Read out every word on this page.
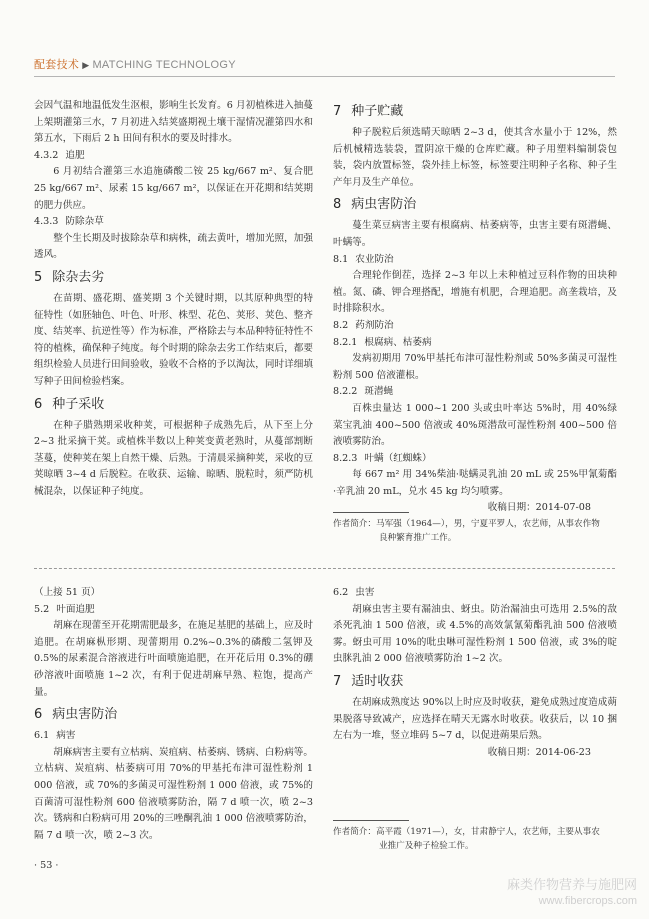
配套技术 ▶ MATCHING TECHNOLOGY
会因气温和地温低发生沤根，影响生长发育。6 月初植株进入抽蔓上架期灌第三水，7 月初进入结荚盛期视土壤干湿情况灌第四水和第五水，下雨后 2 h 田间有积水的要及时排水。
4.3.2 追肥
6 月初结合灌第三水追施磷酸二铵 25 kg/667 m²、复合肥 25 kg/667 m²、尿素 15 kg/667 m²，以保证在开花期和结荚期的肥力供应。
4.3.3 防除杂草
整个生长期及时拔除杂草和病株，疏去黄叶，增加光照，加强透风。
5 除杂去劣
在苗期、盛花期、盛荚期 3 个关键时期，以其原种典型的特征特性（如胚轴色、叶色、叶形、株型、花色、荚形、荚色、整齐度、结荚率、抗逆性等）作为标准，严格除去与本品种特征特性不符的植株，确保种子纯度。每个时期的除杂去劣工作结束后，都要组织检验人员进行田间验收，验收不合格的予以淘汰，同时详细填写种子田间检验档案。
6 种子采收
在种子腊熟期采收种荚，可根据种子成熟先后，从下至上分 2~3 批采摘干荚。或植株半数以上种荚变黄老熟时，从蔓部割断茎蔓，使种荚在架上自然干燥、后熟。于清晨采摘种荚，采收的豆荚晾晒 3~4 d 后脱粒。在收获、运输、晾晒、脱粒时，须严防机械混杂，以保证种子纯度。
7 种子贮藏
种子脱粒后须选晴天晾晒 2~3 d，使其含水量小于 12%，然后机械精选装袋，置阴凉干燥的仓库贮藏。种子用塑料编制袋包装，袋内放置标签，袋外挂上标签，标签要注明种子名称、种子生产年月及生产单位。
8 病虫害防治
蔓生菜豆病害主要有根腐病、枯萎病等，虫害主要有斑潜蝇、叶螨等。
8.1 农业防治
合理轮作倒茬，选择 2~3 年以上未种植过豆科作物的田块种植。氮、磷、钾合理搭配，增施有机肥，合理追肥。高垄栽培，及时排除积水。
8.2 药剂防治
8.2.1 根腐病、枯萎病
发病初期用 70%甲基托布津可湿性粉剂或 50%多菌灵可湿性粉剂 500 倍液灌根。
8.2.2 斑潜蝇
百株虫量达 1 000~1 200 头或虫叶率达 5%时，用 40%绿菜宝乳油 400~500 倍液或 40%斑潜敌可湿性粉剂 400~500 倍液喷雾防治。
8.2.3 叶螨（红蜘蛛）
每 667 m² 用 34%柴油·哒螨灵乳油 20 mL 或 25%甲氰菊酯·辛乳油 20 mL，兑水 45 kg 均匀喷雾。
收稿日期：2014-07-08
作者简介：马军强（1964—），男，宁夏平罗人，农艺师，从事农作物
良种繁育推广工作。
（上接 51 页）
5.2 叶面追肥
胡麻在现蕾至开花期需肥最多，在施足基肥的基础上，应及时追肥。在胡麻枞形期、现蕾期用 0.2%~0.3%的磷酸二氢钾及 0.5%的尿素混合溶液进行叶面喷施追肥，在开花后用 0.3%的硼砂溶液叶面喷施 1~2 次，有利于促进胡麻早熟、粒饱，提高产量。
6 病虫害防治
6.1 病害
胡麻病害主要有立枯病、炭疽病、枯萎病、锈病、白粉病等。立枯病、炭疽病、枯萎病可用 70%的甲基托布津可湿性粉剂 1 000 倍液，或 70%的多菌灵可湿性粉剂 1 000 倍液，或 75%的百菌清可湿性粉剂 600 倍液喷雾防治，隔 7 d 喷一次，喷 2~3 次。锈病和白粉病可用 20%的三唑酮乳油 1 000 倍液喷雾防治，隔 7 d 喷一次，喷 2~3 次。
6.2 虫害
胡麻虫害主要有漏油虫、蚜虫。防治漏油虫可选用 2.5%的敌杀死乳油 1 500 倍液，或 4.5%的高效氯氰菊酯乳油 500 倍液喷雾。蚜虫可用 10%的吡虫啉可湿性粉剂 1 500 倍液，或 3%的啶虫脒乳油 2 000 倍液喷雾防治 1~2 次。
7 适时收获
在胡麻成熟度达 90%以上时应及时收获，避免成熟过度造成蒴果脱落导致减产，应选择在晴天无露水时收获。收获后，以 10 捆左右为一堆，竖立堆码 5~7 d，以促进蒴果后熟。
收稿日期：2014-06-23
作者简介：高平霞（1971—），女，甘肃静宁人，农艺师，主要从事农
业推广及种子检验工作。
· 53 ·
麻类作物营养与施肥网
www.fibercrops.com
